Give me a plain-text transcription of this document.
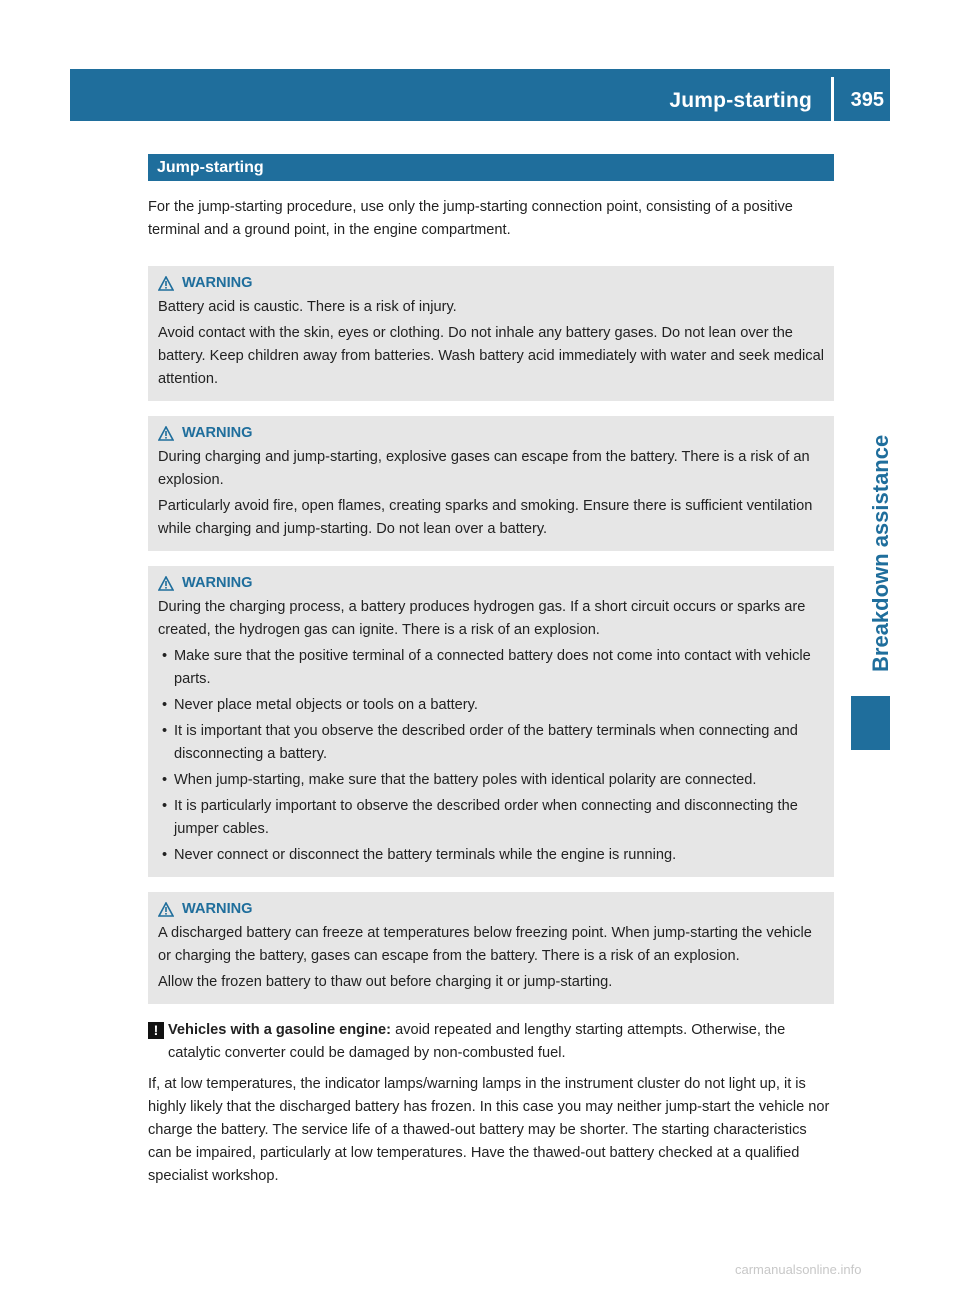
Jump-starting 395
Breakdown assistance
Jump-starting

For the jump-starting procedure, use only the jump-starting connection point, consisting of a positive terminal and a ground point, in the engine compartment.

WARNING

Battery acid is caustic. There is a risk of injury.

Avoid contact with the skin, eyes or clothing. Do not inhale any battery gases. Do not lean over the battery. Keep children away from batteries. Wash battery acid immediately with water and seek medical attention.

WARNING

During charging and jump-starting, explosive gases can escape from the battery. There is a risk of an explosion.

Particularly avoid fire, open flames, creating sparks and smoking. Ensure there is sufficient ventilation while charging and jump-starting. Do not lean over a battery.

WARNING

During the charging process, a battery produces hydrogen gas. If a short circuit occurs or sparks are created, the hydrogen gas can ignite. There is a risk of an explosion.

• Make sure that the positive terminal of a connected battery does not come into contact with vehicle parts.

• Never place metal objects or tools on a battery.

• It is important that you observe the described order of the battery terminals when connecting and disconnecting a battery.

• When jump-starting, make sure that the battery poles with identical polarity are connected.

• It is particularly important to observe the described order when connecting and disconnecting the jumper cables.

• Never connect or disconnect the battery terminals while the engine is running.

WARNING

A discharged battery can freeze at temperatures below freezing point. When jump-starting the vehicle or charging the battery, gases can escape from the battery. There is a risk of an explosion.

Allow the frozen battery to thaw out before charging it or jump-starting.

! Vehicles with a gasoline engine: avoid repeated and lengthy starting attempts. Otherwise, the catalytic converter could be damaged by non-combusted fuel.

If, at low temperatures, the indicator lamps/warning lamps in the instrument cluster do not light up, it is highly likely that the discharged battery has frozen. In this case you may neither jump-start the vehicle nor charge the battery. The service life of a thawed-out battery may be shorter. The starting characteristics can be impaired, particularly at low temperatures. Have the thawed-out battery checked at a qualified specialist workshop.

carmanualsonline.info
